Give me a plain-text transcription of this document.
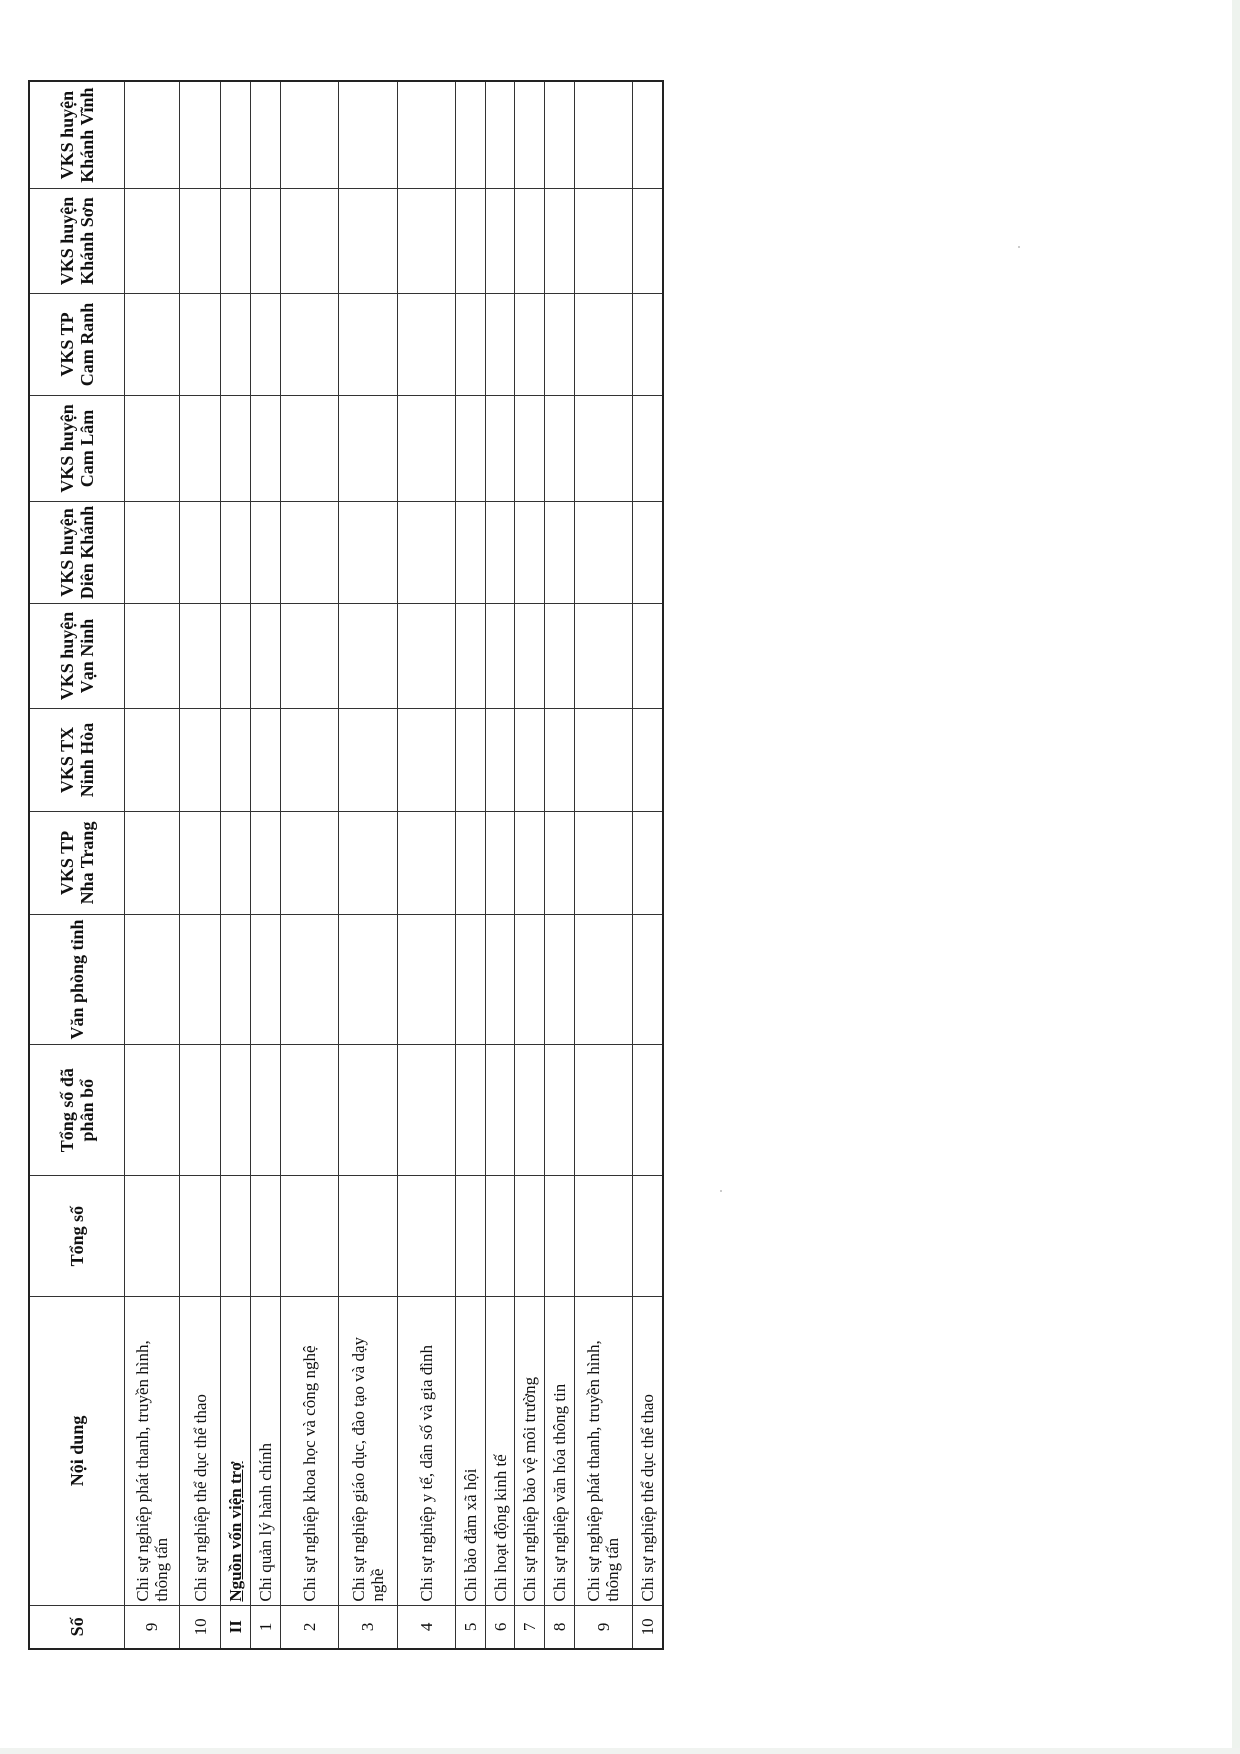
Số	Nội dung	Tổng số	Tổng số đã phân bổ	Văn phòng tỉnh	VKS TP Nha Trang	VKS TX Ninh Hòa	VKS huyện Vạn Ninh	VKS huyện Diên Khánh	VKS huyện Cam Lâm	VKS TP Cam Ranh	VKS huyện Khánh Sơn	VKS huyện Khánh Vĩnh
9	Chi sự nghiệp phát thanh, truyền hình, thông tấn											
10	Chi sự nghiệp thể dục thể thao											
II	Nguồn vốn viện trợ											
1	Chi quản lý hành chính											
2	Chi sự nghiệp khoa học và công nghệ											
3	Chi sự nghiệp giáo dục, đào tạo và dạy nghề											
4	Chi sự nghiệp y tế, dân số và gia đình											
5	Chi bảo đảm xã hội											
6	Chi hoạt động kinh tế											
7	Chi sự nghiệp bảo vệ môi trường											
8	Chi sự nghiệp văn hóa thông tin											
9	Chi sự nghiệp phát thanh, truyền hình, thông tấn											
10	Chi sự nghiệp thể dục thể thao											
